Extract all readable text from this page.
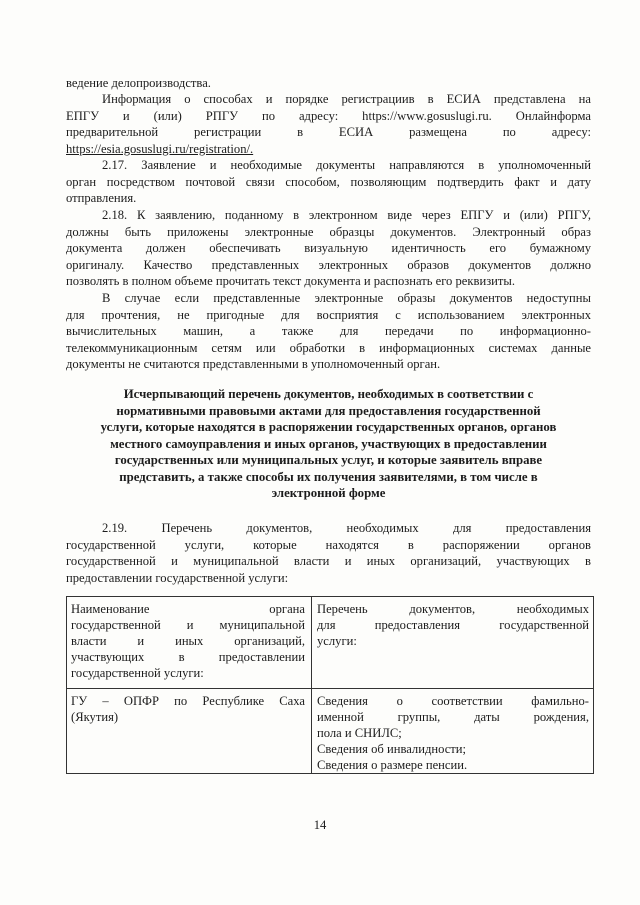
ведение делопроизводства.
Информация о способах и порядке регистрациив в ЕСИА представлена на
ЕПГУ и (или) РПГУ по адресу: https://www.gosuslugi.ru. Онлайнформа
предварительной регистрации в ЕСИА размещена по адресу:
https://esia.gosuslugi.ru/registration/.
2.17. Заявление и необходимые документы направляются в уполномоченный
орган посредством почтовой связи способом, позволяющим подтвердить факт и дату
отправления.
2.18. К заявлению, поданному в электронном виде через ЕПГУ и (или) РПГУ,
должны быть приложены электронные образцы документов. Электронный образ
документа должен обеспечивать визуальную идентичность его бумажному
оригиналу. Качество представленных электронных образов документов должно
позволять в полном объеме прочитать текст документа и распознать его реквизиты.
В случае если представленные электронные образы документов недоступны
для прочтения, не пригодные для восприятия с использованием электронных
вычислительных машин, а также для передачи по информационно-
телекоммуникационным сетям или обработки в информационных системах данные
документы не считаются представленными в уполномоченный орган.
Исчерпывающий перечень документов, необходимых в соответствии с
нормативными правовыми актами для предоставления государственной
услуги, которые находятся в распоряжении государственных органов, органов
местного самоуправления и иных органов, участвующих в предоставлении
государственных или муниципальных услуг, и которые заявитель вправе
представить, а также способы их получения заявителями, в том числе в
электронной форме
2.19. Перечень документов, необходимых для предоставления
государственной услуги, которые находятся в распоряжении органов
государственной и муниципальной власти и иных организаций, участвующих в
предоставлении государственной услуги:
Наименование органа
государственной и муниципальной
власти и иных организаций,
участвующих в предоставлении
государственной услуги:
Перечень документов, необходимых
для предоставления государственной
услуги:
ГУ – ОПФР по Республике Саха
(Якутия)
Сведения о соответствии фамильно-
именной группы, даты рождения,
пола и СНИЛС;
Сведения об инвалидности;
Сведения о размере пенсии.
14
